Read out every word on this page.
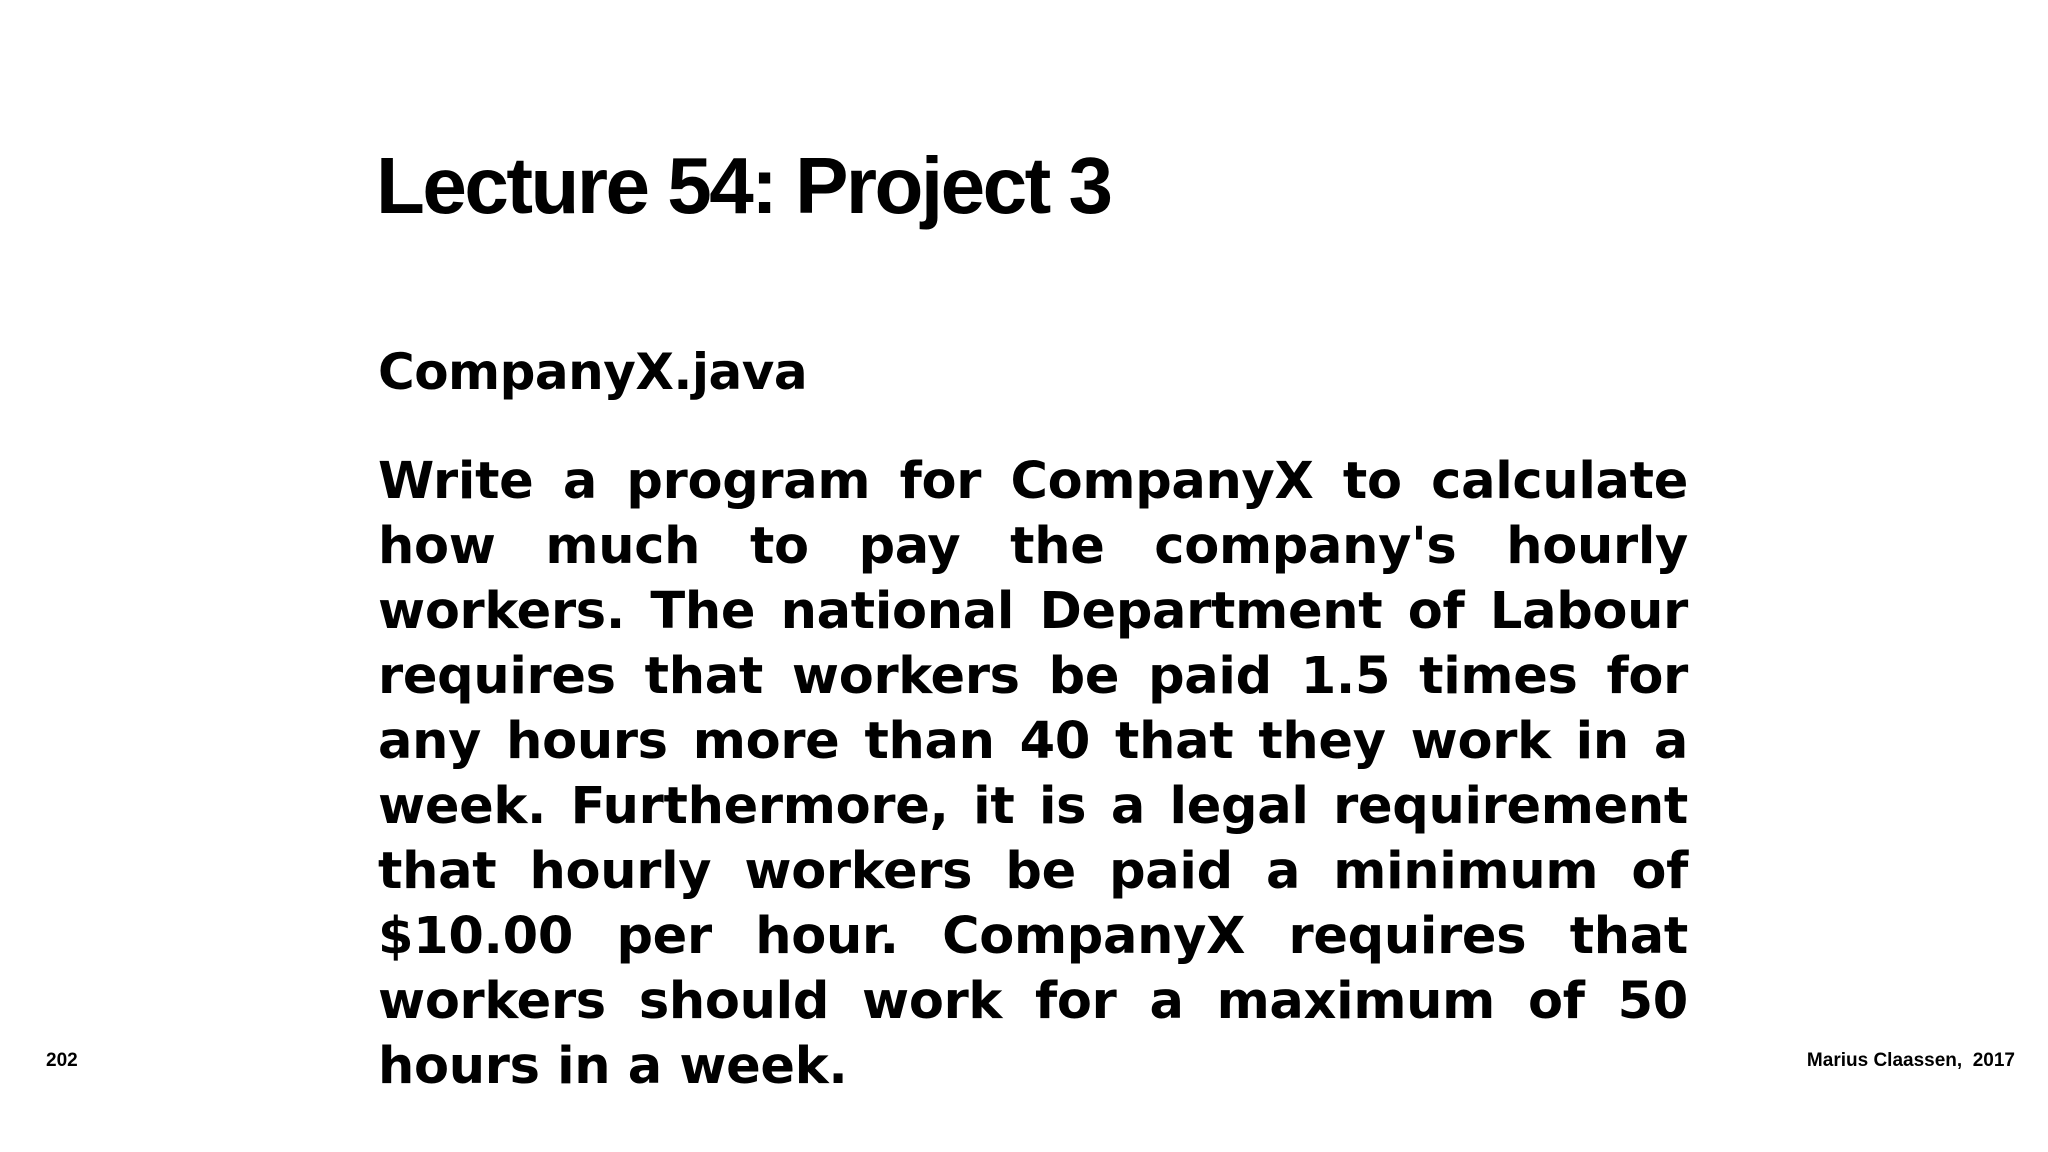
Lecture 54: Project 3
CompanyX.java

Write a program for CompanyX to calculate how much to pay the company's hourly workers. The national Department of Labour requires that workers be paid 1.5 times for any hours more than 40 that they work in a week. Furthermore, it is a legal requirement that hourly workers be paid a minimum of $10.00 per hour. CompanyX requires that workers should work for a maximum of 50 hours in a week.

202	Marius Claassen,  2017
